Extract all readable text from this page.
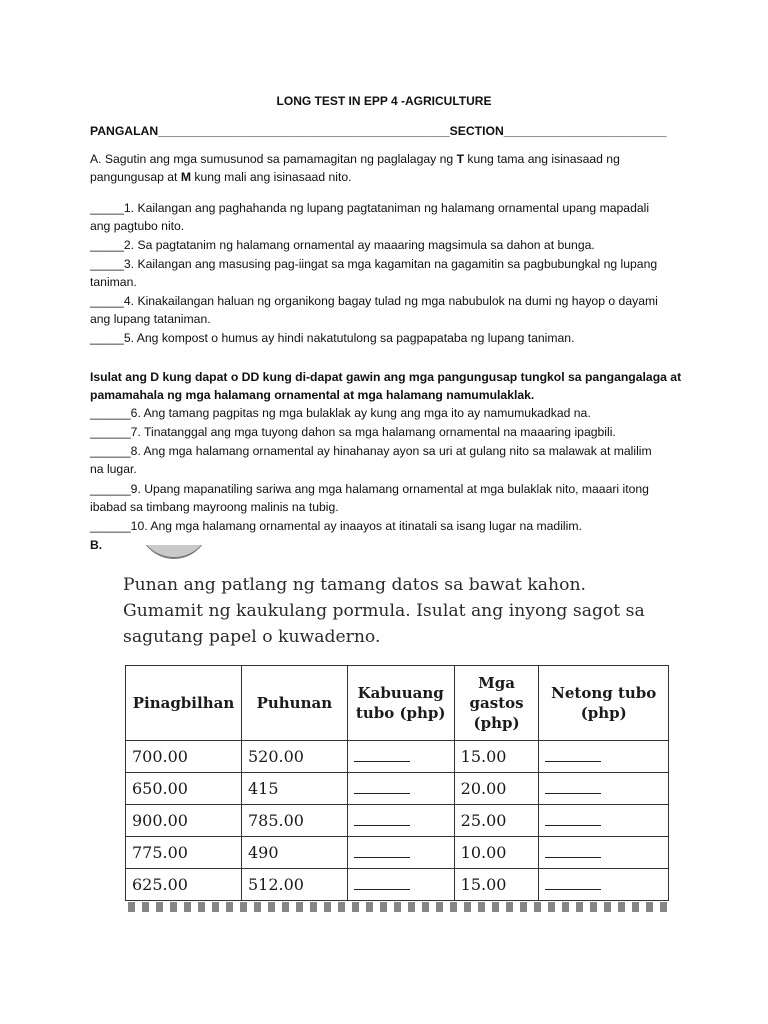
LONG TEST IN EPP 4 -AGRICULTURE
PANGALAN___________________________________________SECTION________________________
A. Sagutin ang mga sumusunod sa pamamagitan ng paglalagay ng T kung tama ang isinasaad ng
pangungusap at M kung mali ang isinasaad nito.
_____1. Kailangan ang paghahanda ng lupang pagtataniman ng halamang ornamental upang mapadali
ang pagtubo nito.
_____2. Sa pagtatanim ng halamang ornamental ay maaaring magsimula sa dahon at bunga.
_____3. Kailangan ang masusing pag-iingat sa mga kagamitan na gagamitin sa pagbubungkal ng lupang
taniman.
_____4. Kinakailangan haluan ng organikong bagay tulad ng mga nabubulok na dumi ng hayop o dayami
ang lupang tataniman.
_____5. Ang kompost o humus ay hindi nakatutulong sa pagpapataba ng lupang taniman.
Isulat ang D kung dapat o DD kung di-dapat gawin ang mga pangungusap tungkol sa pangangalaga at
pamamahala ng mga halamang ornamental at mga halamang namumulaklak.
______6. Ang tamang pagpitas ng mga bulaklak ay kung ang mga ito ay namumukadkad na.
______7. Tinatanggal ang mga tuyong dahon sa mga halamang ornamental na maaaring ipagbili.
______8. Ang mga halamang ornamental ay hinahanay ayon sa uri at gulang nito sa malawak at malilim
na lugar.
______9. Upang mapanatiling sariwa ang mga halamang ornamental at mga bulaklak nito, maaari itong
ibabad sa timbang mayroong malinis na tubig.
______10. Ang mga halamang ornamental ay inaayos at itinatali sa isang lugar na madilim.
B.
Punan ang patlang ng tamang datos sa bawat kahon.
Gumamit ng kaukulang pormula. Isulat ang inyong sagot sa
sagutang papel o kuwaderno.
Pinagbilhan	Puhunan	Kabuuang tubo (php)	Mga gastos (php)	Netong tubo (php)
700.00	520.00		15.00	
650.00	415		20.00	
900.00	785.00		25.00	
775.00	490		10.00	
625.00	512.00		15.00	
